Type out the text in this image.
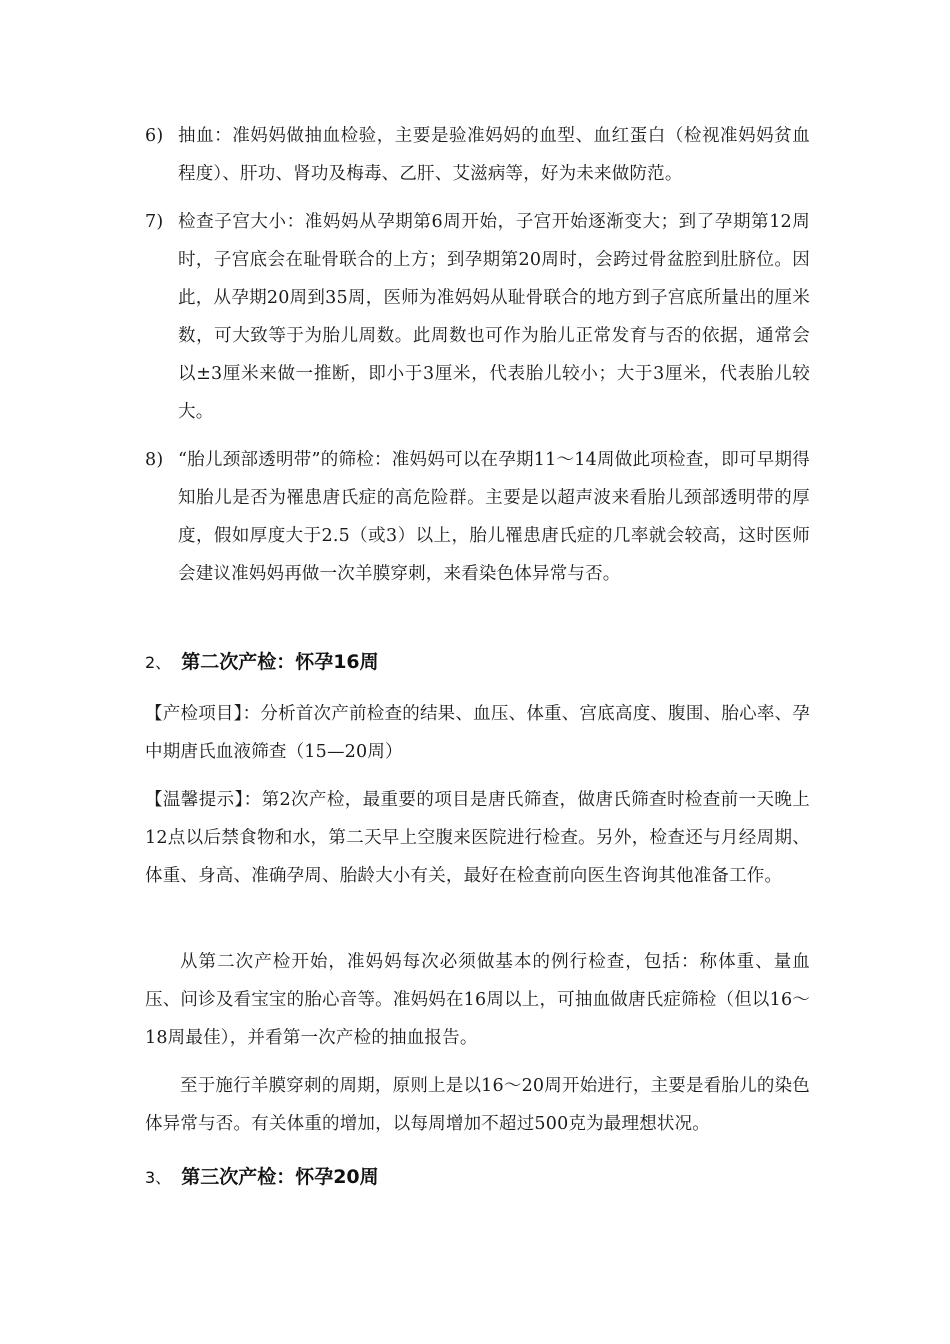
6) 抽血：准妈妈做抽血检验，主要是验准妈妈的血型、血红蛋白（检视准妈妈贫血程度）、肝功、肾功及梅毒、乙肝、艾滋病等，好为未来做防范。
7) 检查子宫大小：准妈妈从孕期第6周开始，子宫开始逐渐变大；到了孕期第12周时，子宫底会在耻骨联合的上方；到孕期第20周时，会跨过骨盆腔到肚脐位。因此，从孕期20周到35周，医师为准妈妈从耻骨联合的地方到子宫底所量出的厘米数，可大致等于为胎儿周数。此周数也可作为胎儿正常发育与否的依据，通常会以±3厘米来做一推断，即小于3厘米，代表胎儿较小；大于3厘米，代表胎儿较大。
8) “胎儿颈部透明带”的筛检：准妈妈可以在孕期11～14周做此项检查，即可早期得知胎儿是否为罹患唐氏症的高危险群。主要是以超声波来看胎儿颈部透明带的厚度，假如厚度大于2.5（或3）以上，胎儿罹患唐氏症的几率就会较高，这时医师会建议准妈妈再做一次羊膜穿刺，来看染色体异常与否。
2、 第二次产检：怀孕16周
【产检项目】：分析首次产前检查的结果、血压、体重、宫底高度、腹围、胎心率、孕中期唐氏血液筛查（15—20周）
【温馨提示】：第2次产检，最重要的项目是唐氏筛查，做唐氏筛查时检查前一天晚上12点以后禁食物和水，第二天早上空腹来医院进行检查。另外，检查还与月经周期、体重、身高、准确孕周、胎龄大小有关，最好在检查前向医生咨询其他准备工作。
从第二次产检开始，准妈妈每次必须做基本的例行检查，包括：称体重、量血压、问诊及看宝宝的胎心音等。准妈妈在16周以上，可抽血做唐氏症筛检（但以16～18周最佳），并看第一次产检的抽血报告。
至于施行羊膜穿刺的周期，原则上是以16～20周开始进行，主要是看胎儿的染色体异常与否。有关体重的增加，以每周增加不超过500克为最理想状况。
3、 第三次产检：怀孕20周
